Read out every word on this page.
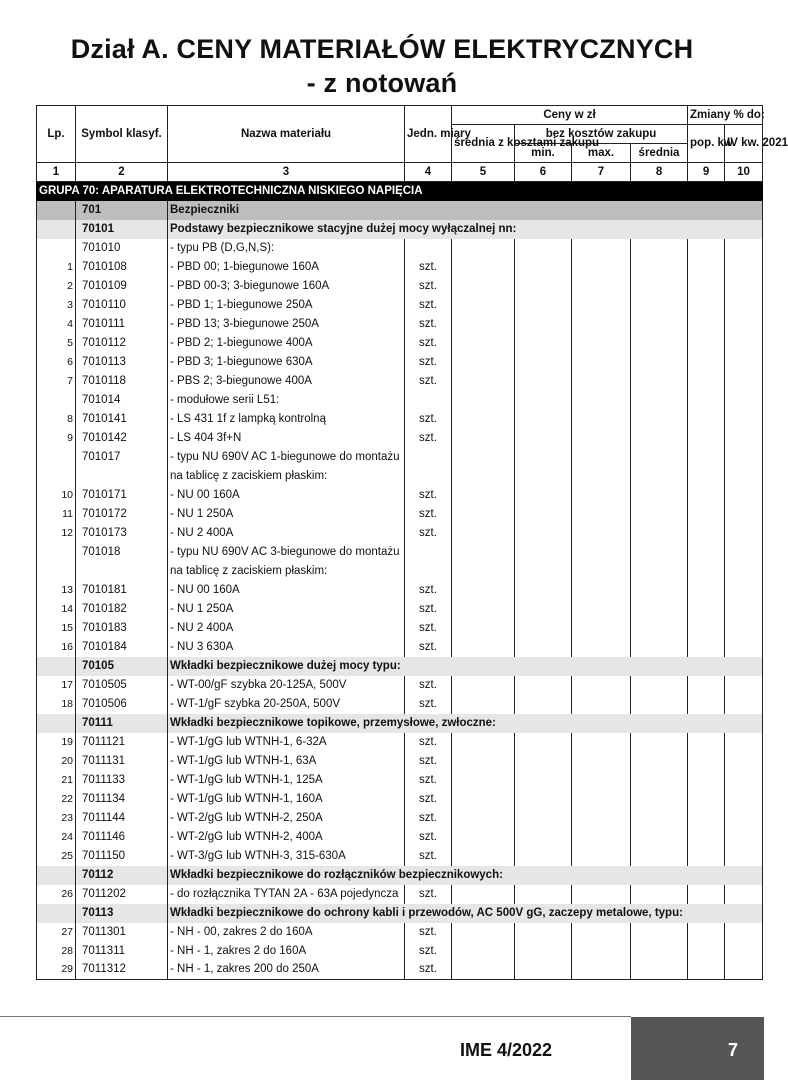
Dział A. CENY MATERIAŁÓW ELEKTRYCZNYCH
- z notowań
Lp.	Symbol klasyf.	Nazwa materiału	Jedn. miary	Ceny w zł				Zmiany % do:	
				średnia z kosztami zakupu	bez kosztów zakupu			pop. kw.	IV kw. 2021
					min.	max.	średnia		
1	2	3	4	5	6	7	8	9	10
GRUPA 70: APARATURA ELEKTROTECHNICZNA NISKIEGO NAPIĘCIA									
	701	Bezpieczniki							
	70101	Podstawy bezpiecznikowe stacyjne dużej mocy wyłączalnej nn:							
	701010	- typu PB (D,G,N,S):							
1	7010108	- PBD 00; 1-biegunowe 160A	szt.						
2	7010109	- PBD 00-3; 3-biegunowe 160A	szt.						
3	7010110	- PBD 1; 1-biegunowe 250A	szt.						
4	7010111	- PBD 13; 3-biegunowe 250A	szt.						
5	7010112	- PBD 2; 1-biegunowe 400A	szt.						
6	7010113	- PBD 3; 1-biegunowe 630A	szt.						
7	7010118	- PBS 2; 3-biegunowe 400A	szt.						
	701014	- modułowe serii L51:							
8	7010141	- LS 431 1f z lampką kontrolną	szt.						
9	7010142	- LS 404 3f+N	szt.						
	701017	- typu NU 690V AC 1-biegunowe do montażu							
		na tablicę z zaciskiem płaskim:							
10	7010171	- NU 00 160A	szt.						
11	7010172	- NU 1 250A	szt.						
12	7010173	- NU 2 400A	szt.						
	701018	- typu NU 690V AC 3-biegunowe do montażu							
		na tablicę z zaciskiem płaskim:							
13	7010181	- NU 00 160A	szt.						
14	7010182	- NU 1 250A	szt.						
15	7010183	- NU 2 400A	szt.						
16	7010184	- NU 3 630A	szt.						
	70105	Wkładki bezpiecznikowe dużej mocy typu:							
17	7010505	- WT-00/gF szybka 20-125A, 500V	szt.						
18	7010506	- WT-1/gF szybka 20-250A, 500V	szt.						
	70111	Wkładki bezpiecznikowe topikowe, przemysłowe, zwłoczne:							
19	7011121	- WT-1/gG lub WTNH-1, 6-32A	szt.						
20	7011131	- WT-1/gG lub WTNH-1, 63A	szt.						
21	7011133	- WT-1/gG lub WTNH-1, 125A	szt.						
22	7011134	- WT-1/gG lub WTNH-1, 160A	szt.						
23	7011144	- WT-2/gG lub WTNH-2, 250A	szt.						
24	7011146	- WT-2/gG lub WTNH-2, 400A	szt.						
25	7011150	- WT-3/gG lub WTNH-3, 315-630A	szt.						
	70112	Wkładki bezpiecznikowe do rozłączników bezpiecznikowych:							
26	7011202	- do rozłącznika TYTAN 2A - 63A pojedyncza	szt.						
	70113	Wkładki bezpiecznikowe do ochrony kabli i przewodów, AC 500V gG, zaczepy metalowe, typu:							
27	7011301	- NH - 00, zakres 2 do 160A	szt.						
28	7011311	- NH - 1, zakres 2 do 160A	szt.						
29	7011312	- NH - 1, zakres 200 do 250A	szt.						
IME 4/2022	7
